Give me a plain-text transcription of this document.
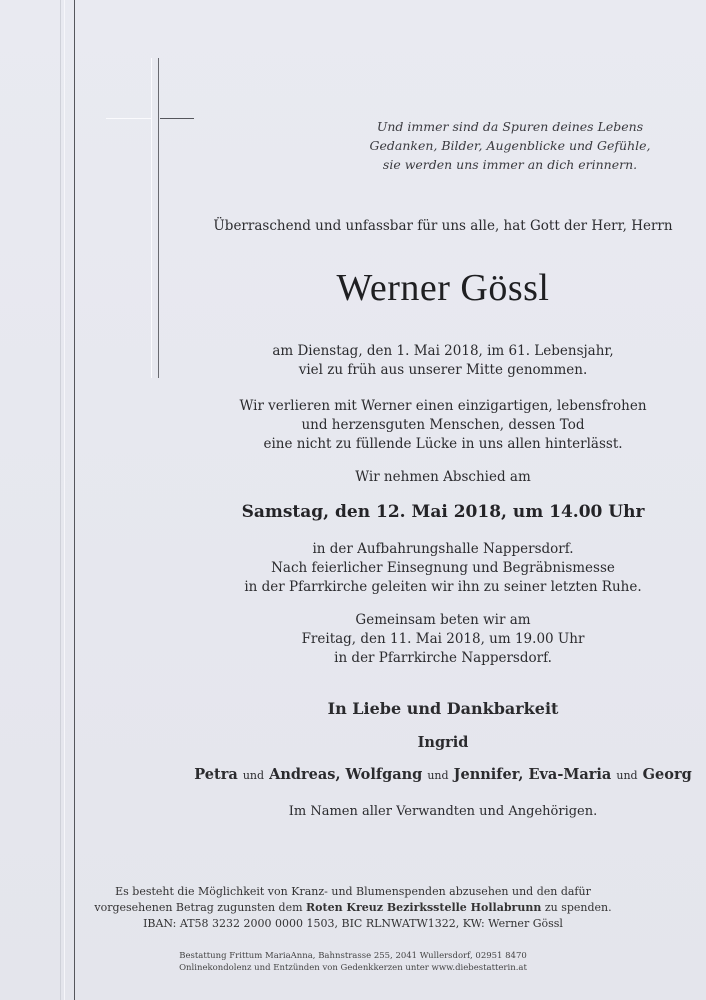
Und immer sind da Spuren deines Lebens
Gedanken, Bilder, Augenblicke und Gefühle,
sie werden uns immer an dich erinnern.
Überraschend und unfassbar für uns alle, hat Gott der Herr, Herrn
Werner Gössl
am Dienstag, den 1. Mai 2018, im 61. Lebensjahr,
viel zu früh aus unserer Mitte genommen.
Wir verlieren mit Werner einen einzigartigen, lebensfrohen
und herzensguten Menschen, dessen Tod
eine nicht zu füllende Lücke in uns allen hinterlässt.
Wir nehmen Abschied am
Samstag, den 12. Mai 2018, um 14.00 Uhr
in der Aufbahrungshalle Nappersdorf.
Nach feierlicher Einsegnung und Begräbnismesse
in der Pfarrkirche geleiten wir ihn zu seiner letzten Ruhe.
Gemeinsam beten wir am
Freitag, den 11. Mai 2018, um 19.00 Uhr
in der Pfarrkirche Nappersdorf.
In Liebe und Dankbarkeit
Ingrid
Petra und Andreas, Wolfgang und Jennifer, Eva-Maria und Georg
Im Namen aller Verwandten und Angehörigen.
Es besteht die Möglichkeit von Kranz- und Blumenspenden abzusehen und den dafür
vorgesehenen Betrag zugunsten dem Roten Kreuz Bezirksstelle Hollabrunn zu spenden.
IBAN: AT58 3232 2000 0000 1503, BIC RLNWATW1322, KW: Werner Gössl
Bestattung Frittum MariaAnna, Bahnstrasse 255, 2041 Wullersdorf, 02951 8470
Onlinekondolenz und Entzünden von Gedenkkerzen unter www.diebestatterin.at
